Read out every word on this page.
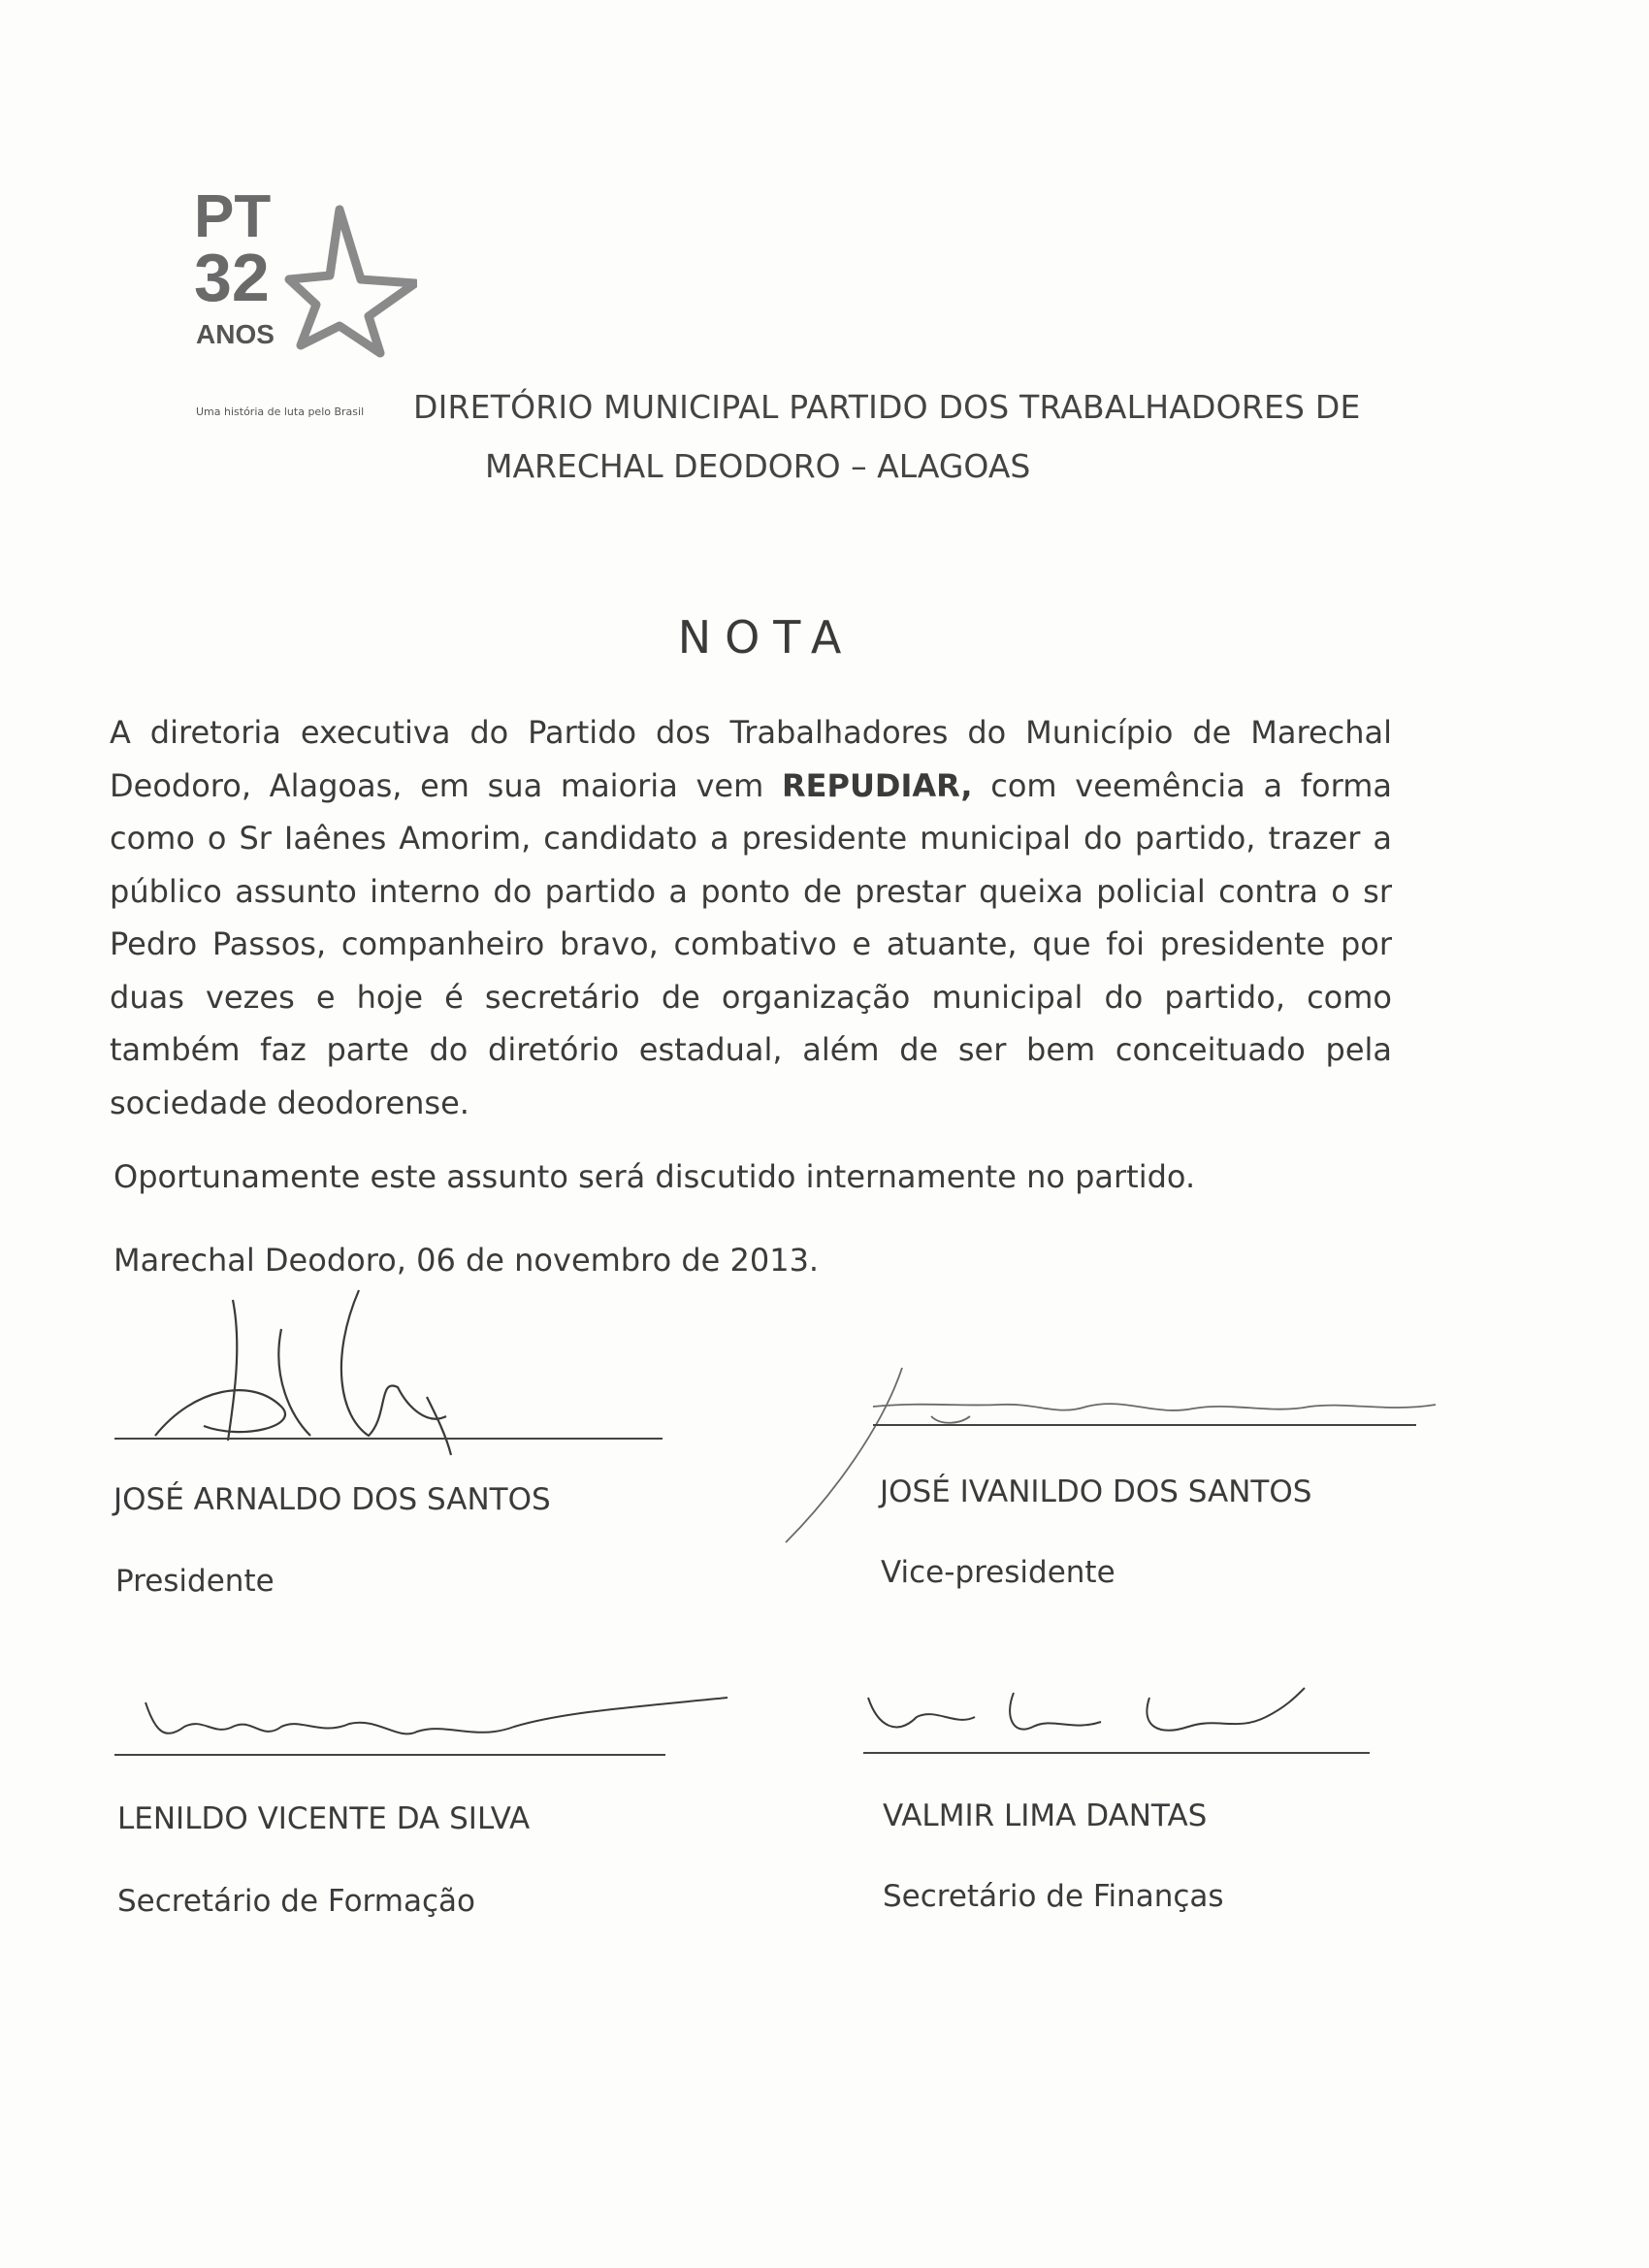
PT
32
ANOS
Uma história de luta pelo Brasil DIRETÓRIO MUNICIPAL PARTIDO DOS TRABALHADORES DE
MARECHAL DEODORO – ALAGOAS
NOTA
A diretoria executiva do Partido dos Trabalhadores do Município de Marechal Deodoro, Alagoas, em sua maioria vem REPUDIAR, com veemência a forma como o Sr Iaênes Amorim, candidato a presidente municipal do partido, trazer a público assunto interno do partido a ponto de prestar queixa policial contra o sr Pedro Passos, companheiro bravo, combativo e atuante, que foi presidente por duas vezes e hoje é secretário de organização municipal do partido, como também faz parte do diretório estadual, além de ser bem conceituado pela sociedade deodorense.
Oportunamente este assunto será discutido internamente no partido.
Marechal Deodoro, 06 de novembro de 2013.
JOSÉ ARNALDO DOS SANTOS
Presidente
JOSÉ IVANILDO DOS SANTOS
Vice-presidente
LENILDO VICENTE DA SILVA
Secretário de Formação
VALMIR LIMA DANTAS
Secretário de Finanças
